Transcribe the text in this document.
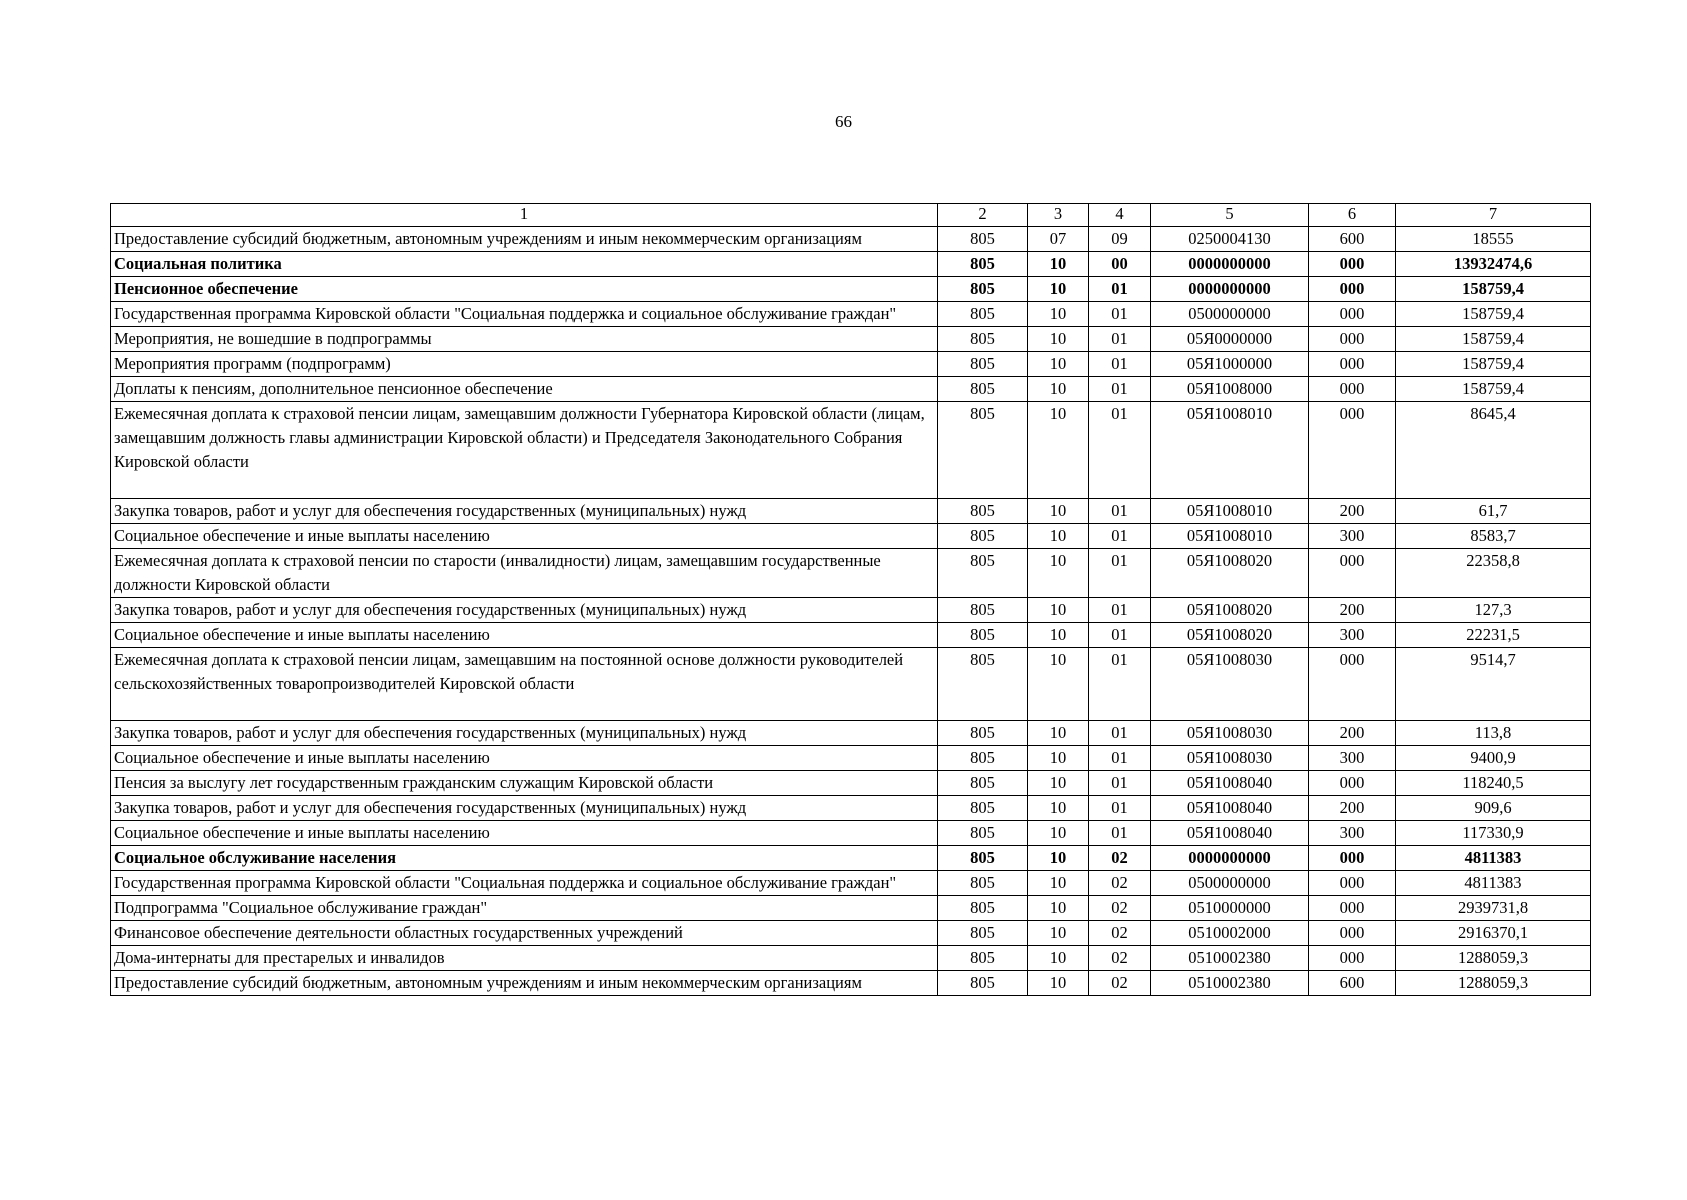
66
1	2	3	4	5	6	7
Предоставление субсидий бюджетным, автономным учреждениям и иным некоммерческим организациям	805	07	09	0250004130	600	18555
Социальная политика	805	10	00	0000000000	000	13932474,6
Пенсионное обеспечение	805	10	01	0000000000	000	158759,4
Государственная программа Кировской области "Социальная поддержка и социальное обслуживание граждан"	805	10	01	0500000000	000	158759,4
Мероприятия, не вошедшие в подпрограммы	805	10	01	05Я0000000	000	158759,4
Мероприятия программ (подпрограмм)	805	10	01	05Я1000000	000	158759,4
Доплаты к пенсиям, дополнительное пенсионное обеспечение	805	10	01	05Я1008000	000	158759,4
Ежемесячная доплата к страховой пенсии лицам, замещавшим должности Губернатора Кировской области (лицам, замещавшим должность главы администрации Кировской области) и Председателя Законодательного Собрания Кировской области	805	10	01	05Я1008010	000	8645,4
Закупка товаров, работ и услуг для обеспечения государственных (муниципальных) нужд	805	10	01	05Я1008010	200	61,7
Социальное обеспечение и иные выплаты населению	805	10	01	05Я1008010	300	8583,7
Ежемесячная доплата к страховой пенсии по старости (инвалидности) лицам, замещавшим государственные должности Кировской области	805	10	01	05Я1008020	000	22358,8
Закупка товаров, работ и услуг для обеспечения государственных (муниципальных) нужд	805	10	01	05Я1008020	200	127,3
Социальное обеспечение и иные выплаты населению	805	10	01	05Я1008020	300	22231,5
Ежемесячная доплата к страховой пенсии лицам, замещавшим на постоянной основе должности руководителей сельскохозяйственных товаропроизводителей Кировской области	805	10	01	05Я1008030	000	9514,7
Закупка товаров, работ и услуг для обеспечения государственных (муниципальных) нужд	805	10	01	05Я1008030	200	113,8
Социальное обеспечение и иные выплаты населению	805	10	01	05Я1008030	300	9400,9
Пенсия за выслугу лет государственным гражданским служащим Кировской области	805	10	01	05Я1008040	000	118240,5
Закупка товаров, работ и услуг для обеспечения государственных (муниципальных) нужд	805	10	01	05Я1008040	200	909,6
Социальное обеспечение и иные выплаты населению	805	10	01	05Я1008040	300	117330,9
Социальное обслуживание населения	805	10	02	0000000000	000	4811383
Государственная программа Кировской области "Социальная поддержка и социальное обслуживание граждан"	805	10	02	0500000000	000	4811383
Подпрограмма "Социальное обслуживание граждан"	805	10	02	0510000000	000	2939731,8
Финансовое обеспечение деятельности областных государственных учреждений	805	10	02	0510002000	000	2916370,1
Дома-интернаты для престарелых и инвалидов	805	10	02	0510002380	000	1288059,3
Предоставление субсидий бюджетным, автономным учреждениям и иным некоммерческим организациям	805	10	02	0510002380	600	1288059,3
